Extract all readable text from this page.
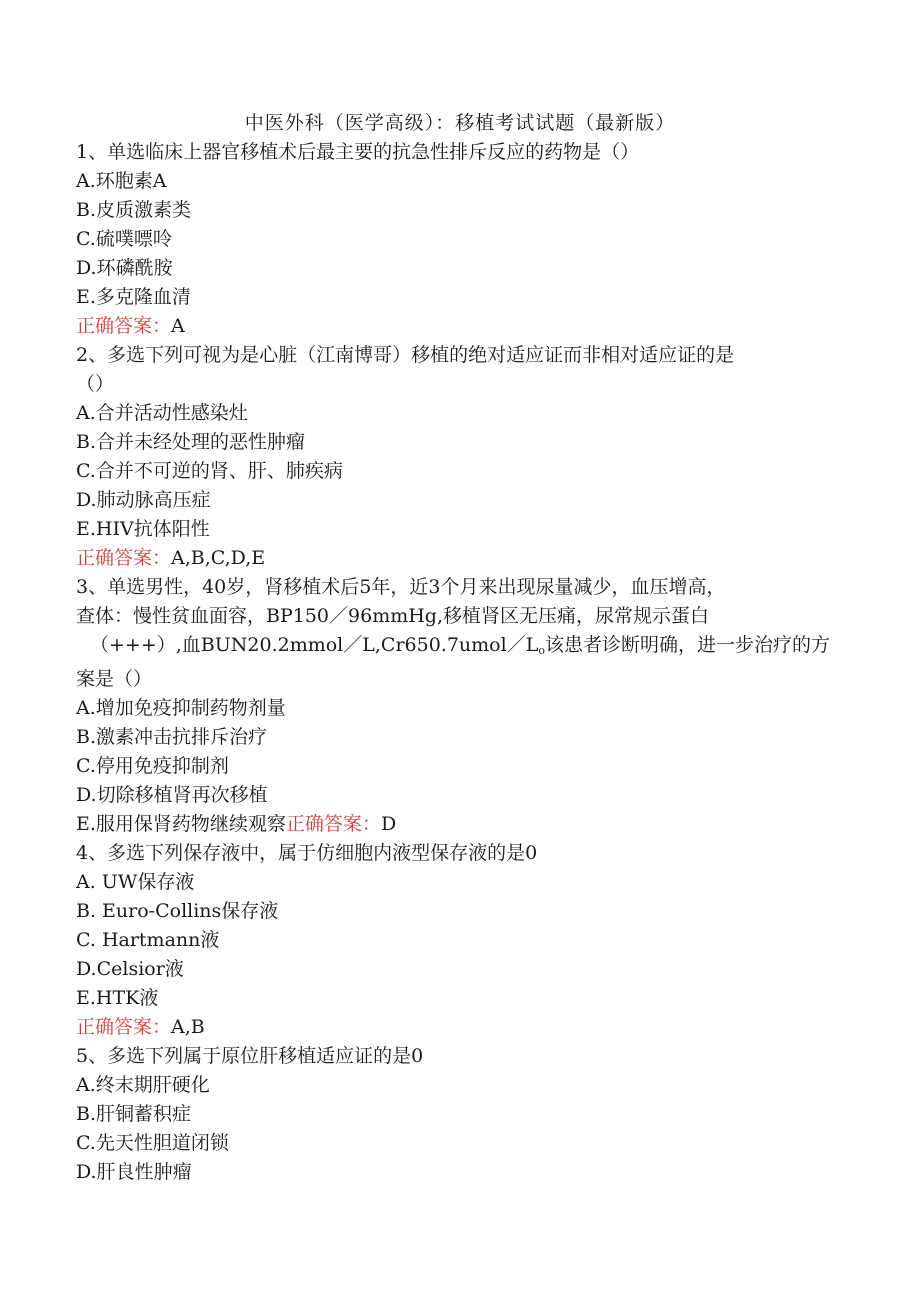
中医外科（医学高级）：移植考试试题（最新版）
1、单选临床上器官移植术后最主要的抗急性排斥反应的药物是（）
A.环胞素A
B.皮质激素类
C.硫噗嘌呤
D.环磷酰胺
E.多克隆血清
正确答案：A
2、多选下列可视为是心脏（江南博哥）移植的绝对适应证而非相对适应证的是
（）
A.合并活动性感染灶
B.合并未经处理的恶性肿瘤
C.合并不可逆的肾、肝、肺疾病
D.肺动脉高压症
E.HIV抗体阳性
正确答案：A,B,C,D,E
3、单选男性，40岁，肾移植术后5年，近3个月来出现尿量减少，血压增高，
查体：慢性贫血面容，BP150／96mmHg,移植肾区无压痛，尿常规示蛋白
（+++）,血$BUN20.2mmol/L,Cr650.7umol/L_o$该患者诊断明确，进一步治疗的方
案是（）
A.增加免疫抑制药物剂量
B.激素冲击抗排斥治疗
C.停用免疫抑制剂
D.切除移植肾再次移植
E.服用保肾药物继续观察正确答案：D
4、多选下列保存液中，属于仿细胞内液型保存液的是0
A. UW保存液
B. Euro-Collins保存液
C. Hartmann液
D.Celsior液
E.HTK液
正确答案：A,B
5、多选下列属于原位肝移植适应证的是0
A.终末期肝硬化
B.肝铜蓄积症
C.先天性胆道闭锁
D.肝良性肿瘤
